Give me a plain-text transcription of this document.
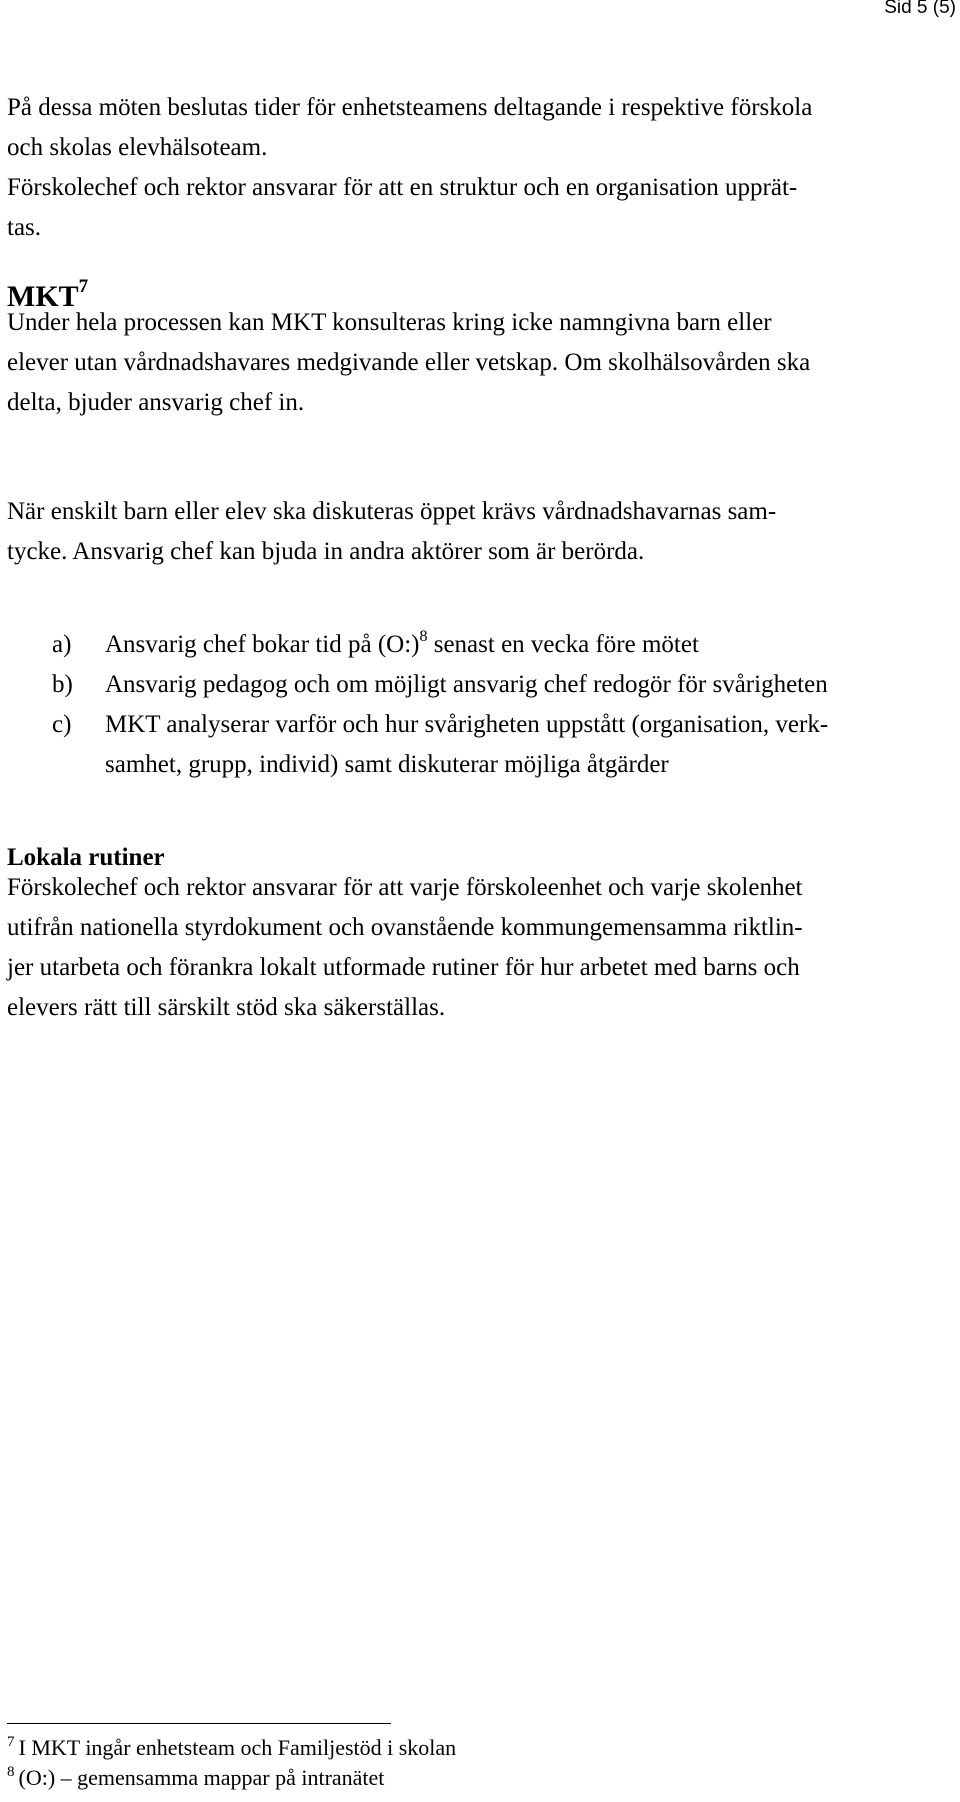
Sid 5 (5)
På dessa möten beslutas tider för enhetsteamens deltagande i respektive förskola
och skolas elevhälsoteam.
Förskolechef och rektor ansvarar för att en struktur och en organisation upprät-
tas.
MKT$^7$
Under hela processen kan MKT konsulteras kring icke namngivna barn eller
elever utan vårdnadshavares medgivande eller vetskap. Om skolhälsovården ska
delta, bjuder ansvarig chef in.
När enskilt barn eller elev ska diskuteras öppet krävs vårdnadshavarnas sam-
tycke. Ansvarig chef kan bjuda in andra aktörer som är berörda.
a) Ansvarig chef bokar tid på (O:)$^8$ senast en vecka före mötet
b) Ansvarig pedagog och om möjligt ansvarig chef redogör för svårigheten
c) MKT analyserar varför och hur svårigheten uppstått (organisation, verk-
samhet, grupp, individ) samt diskuterar möjliga åtgärder
Lokala rutiner
Förskolechef och rektor ansvarar för att varje förskoleenhet och varje skolenhet
utifrån nationella styrdokument och ovanstående kommungemensamma riktlin-
jer utarbeta och förankra lokalt utformade rutiner för hur arbetet med barns och
elevers rätt till särskilt stöd ska säkerställas.
$^7$ I MKT ingår enhetsteam och Familjestöd i skolan
$^8$ (O:) – gemensamma mappar på intranätet
